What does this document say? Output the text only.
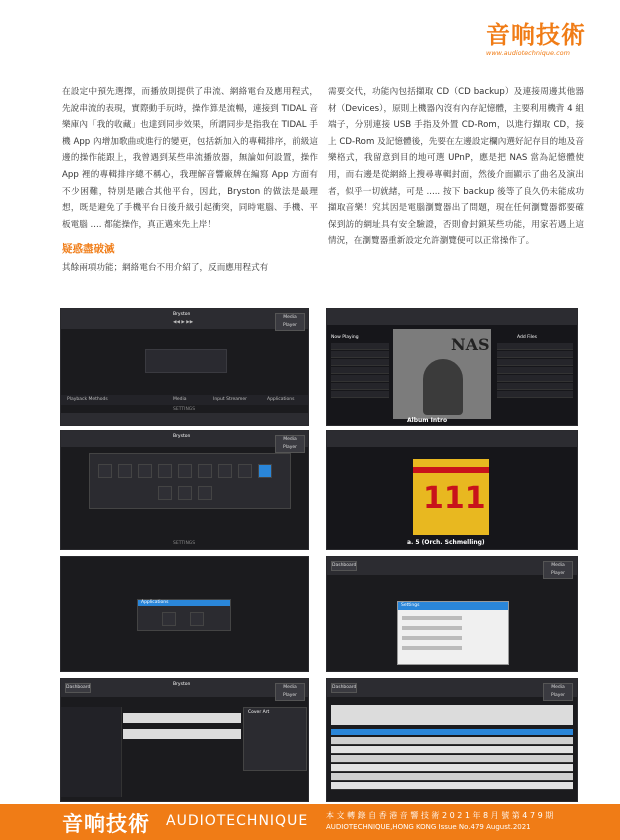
音响技術
www.audiotechnique.com

在設定中預先選擇，而播放則提供了串流、網絡電台及應用程式，先說串流的表現，實際動手玩時，操作算是流暢，連接到 TIDAL 音樂庫內「我的收藏」也達到同步效果，所謂同步是指我在 TIDAL 手機 App 內增加歌曲或進行的變更，包括新加入的專輯排序，前級這邊的操作能跟上，我曾遇到某些串流播放器，無論如何設置，操作 App 裡的專輯排序總不稱心，我理解音響廠牌在編寫 App 方面有不少困難，特別是融合其他平台，因此，Bryston 的做法是最理想，既是避免了手機平台日後升級引起衝突，同時電腦、手機、平板電腦 .... 都能操作，真正邁來先上岸！

疑惑盡破滅

其餘兩項功能；網絡電台不用介紹了，反而應用程式有

需要交代，功能內包括擷取 CD（CD backup）及連接周邊其他器材（Devices），原則上機器內沒有內存記憶體，主要利用機背 4 組端子，分別連接 USB 手指及外置 CD-Rom，以進行擷取 CD，接上 CD-Rom 及記憶體後，先要在左邊設定欄內選好記存目的地及音樂格式，我留意到目的地可選 UPnP，應是把 NAS 當為記憶體使用，而右邊是從網絡上搜尋專輯封面，然後介面顯示了曲名及演出者，似乎一切就緒，可是 ..... 按下 backup 後等了良久仍未能成功擷取音樂！究其因是電腦瀏覽器出了問題，現在任何瀏覽器都要確保到訪的網址具有安全驗證，否則會封鎖某些功能，用家若遇上這情況，在瀏覽器重新設定允許瀏覽便可以正常操作了。

Bryston
Media Player
◀◀ ▶ ▶▶
Playback Methods	Media	Input Streamer	Applications
SETTINGS
Bryston
Media Player
SETTINGS
Applications
Dashboard
Bryston
Media Player
Cover Art
Now Playing	NAS
Album Intro
Add Files
111
a. 5 (Orch. Schmelling)
Dashboard	Media Player
Settings
Dashboard	Media Player
音响技術 AUDIOTECHNIQUE 本 文 轉 錄 自 香 港 音 響 技 術 2 0 2 1 年 8 月 號 第 4 7 9 期
AUDIOTECHNIQUE,HONG KONG Issue No.479 August.2021
